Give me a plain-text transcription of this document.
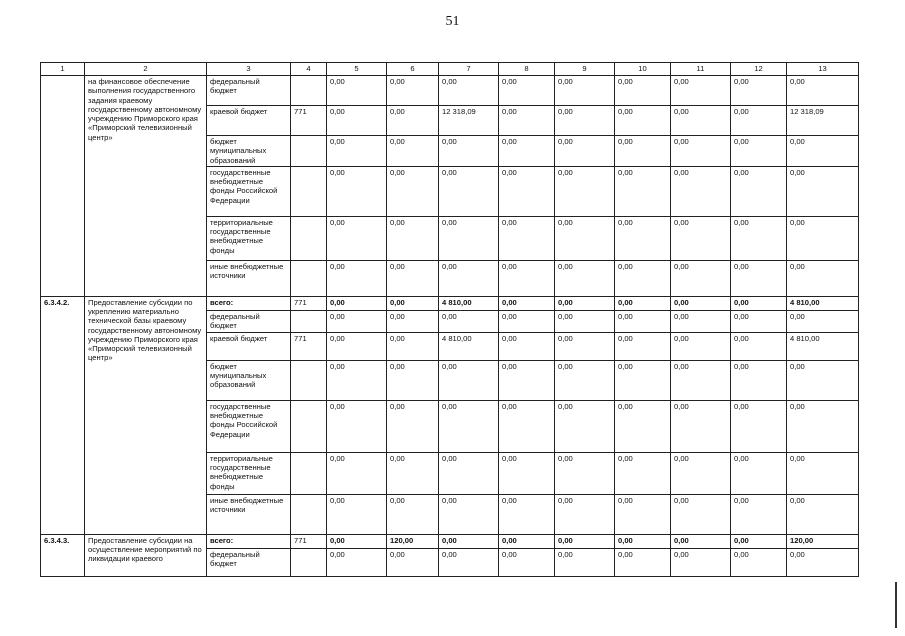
51
1	2	3	4	5	6	7	8	9	10	11	12	13
	на финансовое обеспечение выполнения государственного задания краевому государственному автономному учреждению Приморского края «Приморский телевизионный центр»	федеральный бюджет		0,00	0,00	0,00	0,00	0,00	0,00	0,00	0,00	0,00
		краевой бюджет	771	0,00	0,00	12 318,09	0,00	0,00	0,00	0,00	0,00	12 318,09
		бюджет муниципальных образований		0,00	0,00	0,00	0,00	0,00	0,00	0,00	0,00	0,00
		государственные внебюджетные фонды Российской Федерации		0,00	0,00	0,00	0,00	0,00	0,00	0,00	0,00	0,00
		территориальные государственные внебюджетные фонды		0,00	0,00	0,00	0,00	0,00	0,00	0,00	0,00	0,00
		иные внебюджетные источники		0,00	0,00	0,00	0,00	0,00	0,00	0,00	0,00	0,00
6.3.4.2.	Предоставление субсидии по укреплению материально технической базы краевому государственному автономному учреждению Приморского края «Приморский телевизионный центр»	всего:	771	0,00	0,00	4 810,00	0,00	0,00	0,00	0,00	0,00	4 810,00
		федеральный бюджет		0,00	0,00	0,00	0,00	0,00	0,00	0,00	0,00	0,00
		краевой бюджет	771	0,00	0,00	4 810,00	0,00	0,00	0,00	0,00	0,00	4 810,00
		бюджет муниципальных образований		0,00	0,00	0,00	0,00	0,00	0,00	0,00	0,00	0,00
		государственные внебюджетные фонды Российской Федерации		0,00	0,00	0,00	0,00	0,00	0,00	0,00	0,00	0,00
		территориальные государственные внебюджетные фонды		0,00	0,00	0,00	0,00	0,00	0,00	0,00	0,00	0,00
		иные внебюджетные источники		0,00	0,00	0,00	0,00	0,00	0,00	0,00	0,00	0,00
6.3.4.3.	Предоставление субсидии на осуществление мероприятий по ликвидации краевого	всего:	771	0,00	120,00	0,00	0,00	0,00	0,00	0,00	0,00	120,00
		федеральный бюджет		0,00	0,00	0,00	0,00	0,00	0,00	0,00	0,00	0,00
